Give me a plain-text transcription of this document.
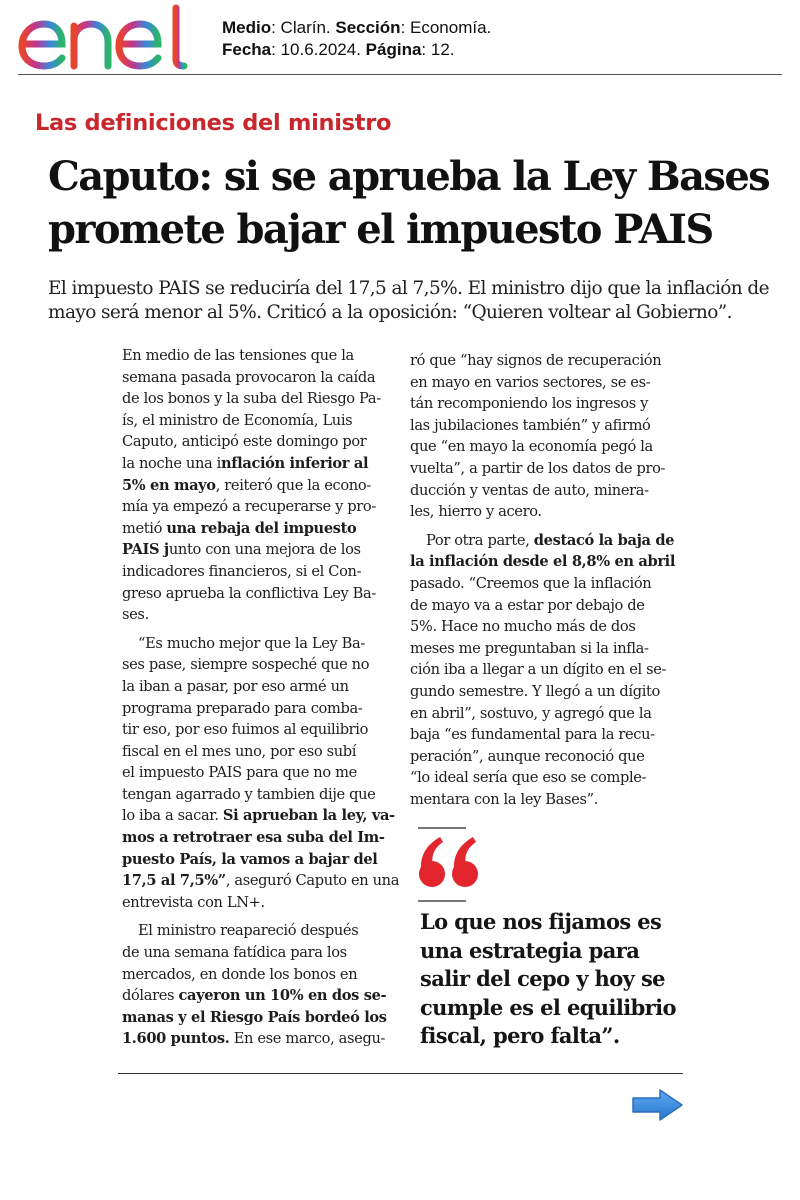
Medio: Clarín. Sección: Economía.
Fecha: 10.6.2024. Página: 12.
Las definiciones del ministro
Caputo: si se aprueba la Ley Bases
promete bajar el impuesto PAIS
El impuesto PAIS se reduciría del 17,5 al 7,5%. El ministro dijo que la inflación de
mayo será menor al 5%. Criticó a la oposición: “Quieren voltear al Gobierno”.
En medio de las tensiones que la
semana pasada provocaron la caída
de los bonos y la suba del Riesgo Pa-
ís, el ministro de Economía, Luis
Caputo, anticipó este domingo por
la noche una inflación inferior al
5% en mayo, reiteró que la econo-
mía ya empezó a recuperarse y pro-
metió una rebaja del impuesto
PAIS junto con una mejora de los
indicadores financieros, si el Con-
greso aprueba la conflictiva Ley Ba-
ses.
“Es mucho mejor que la Ley Ba-
ses pase, siempre sospeché que no
la iban a pasar, por eso armé un
programa preparado para comba-
tir eso, por eso fuimos al equilibrio
fiscal en el mes uno, por eso subí
el impuesto PAIS para que no me
tengan agarrado y tambien dije que
lo iba a sacar. Si aprueban la ley, va-
mos a retrotraer esa suba del Im-
puesto País, la vamos a bajar del
17,5 al 7,5%”, aseguró Caputo en una
entrevista con LN+.
El ministro reapareció después
de una semana fatídica para los
mercados, en donde los bonos en
dólares cayeron un 10% en dos se-
manas y el Riesgo País bordeó los
1.600 puntos. En ese marco, asegu-
ró que “hay signos de recuperación
en mayo en varios sectores, se es-
tán recomponiendo los ingresos y
las jubilaciones también” y afirmó
que “en mayo la economía pegó la
vuelta”, a partir de los datos de pro-
ducción y ventas de auto, minera-
les, hierro y acero.
Por otra parte, destacó la baja de
la inflación desde el 8,8% en abril
pasado. “Creemos que la inflación
de mayo va a estar por debajo de
5%. Hace no mucho más de dos
meses me preguntaban si la infla-
ción iba a llegar a un dígito en el se-
gundo semestre. Y llegó a un dígito
en abril”, sostuvo, y agregó que la
baja “es fundamental para la recu-
peración”, aunque reconoció que
“lo ideal sería que eso se comple-
mentara con la ley Bases”.
Lo que nos fijamos es
una estrategia para
salir del cepo y hoy se
cumple es el equilibrio
fiscal, pero falta”.
